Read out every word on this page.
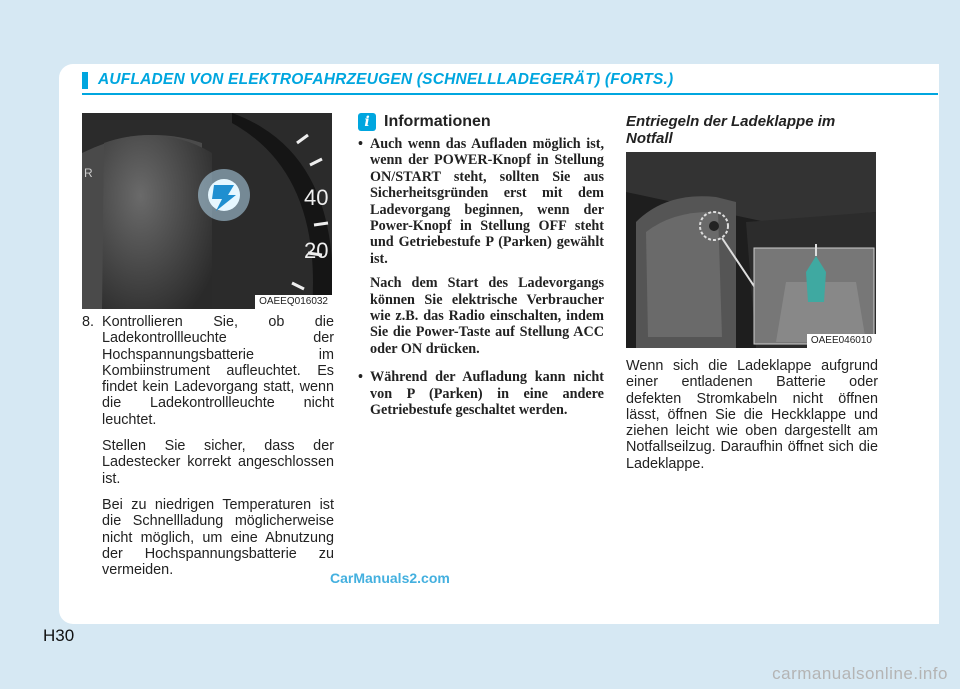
AUFLADEN VON ELEKTROFAHRZEUGEN (SCHNELLLADEGERÄT) (FORTS.)
40
20
R
OAEEQ016032
8. Kontrollieren Sie, ob die Ladekontrollleuchte der Hochspannungsbatterie im Kombiinstrument aufleuchtet. Es findet kein Ladevorgang statt, wenn die Ladekontrollleuchte nicht leuchtet.

Stellen Sie sicher, dass der Ladestecker korrekt angeschlossen ist.

Bei zu niedrigen Temperaturen ist die Schnellladung möglicherweise nicht möglich, um eine Abnutzung der Hochspannungsbatterie zu vermeiden.

i Informationen
• Auch wenn das Aufladen möglich ist, wenn der POWER-Knopf in Stellung ON/START steht, sollten Sie aus Sicherheitsgründen erst mit dem Ladevorgang beginnen, wenn der Power-Knopf in Stellung OFF steht und Getriebestufe P (Parken) gewählt ist.

Nach dem Start des Ladevorgangs können Sie elektrische Verbraucher wie z.B. das Radio einschalten, indem Sie die Power-Taste auf Stellung ACC oder ON drücken.

• Während der Aufladung kann nicht von P (Parken) in eine andere Getriebestufe geschaltet werden.

Entriegeln der Ladeklappe im Notfall
OAEE046010

Wenn sich die Ladeklappe aufgrund einer entladenen Batterie oder defekten Stromkabeln nicht öffnen lässt, öffnen Sie die Heckklappe und ziehen leicht wie oben dargestellt am Notfallseilzug. Daraufhin öffnet sich die Ladeklappe.

CarManuals2.com
H30
carmanualsonline.info
